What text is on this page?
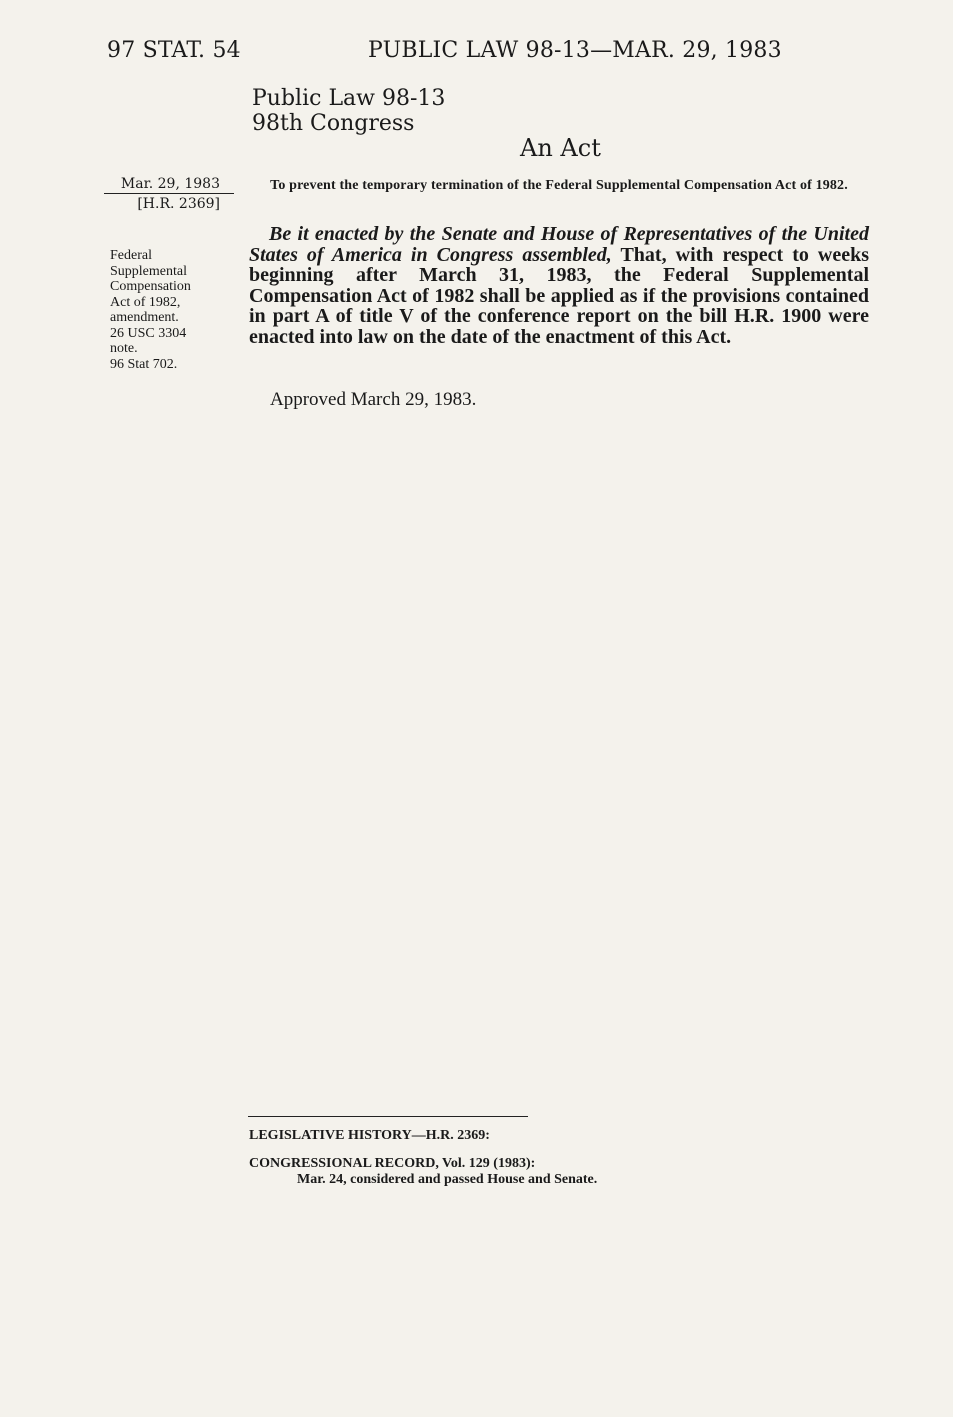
97 STAT. 54	PUBLIC LAW 98-13—MAR. 29, 1983
Public Law 98-13
98th Congress
An Act
Mar. 29, 1983
[H.R. 2369]
Federal
Supplemental
Compensation
Act of 1982,
amendment.
26 USC 3304
note.
96 Stat 702.
To prevent the temporary termination of the Federal Supplemental Compensation Act of 1982.
Be it enacted by the Senate and House of Representatives of the United States of America in Congress assembled, That, with respect to weeks beginning after March 31, 1983, the Federal Supplemental Compensation Act of 1982 shall be applied as if the provisions contained in part A of title V of the conference report on the bill H.R. 1900 were enacted into law on the date of the enactment of this Act.
Approved March 29, 1983.
LEGISLATIVE HISTORY—H.R. 2369:
CONGRESSIONAL RECORD, Vol. 129 (1983):
Mar. 24, considered and passed House and Senate.
